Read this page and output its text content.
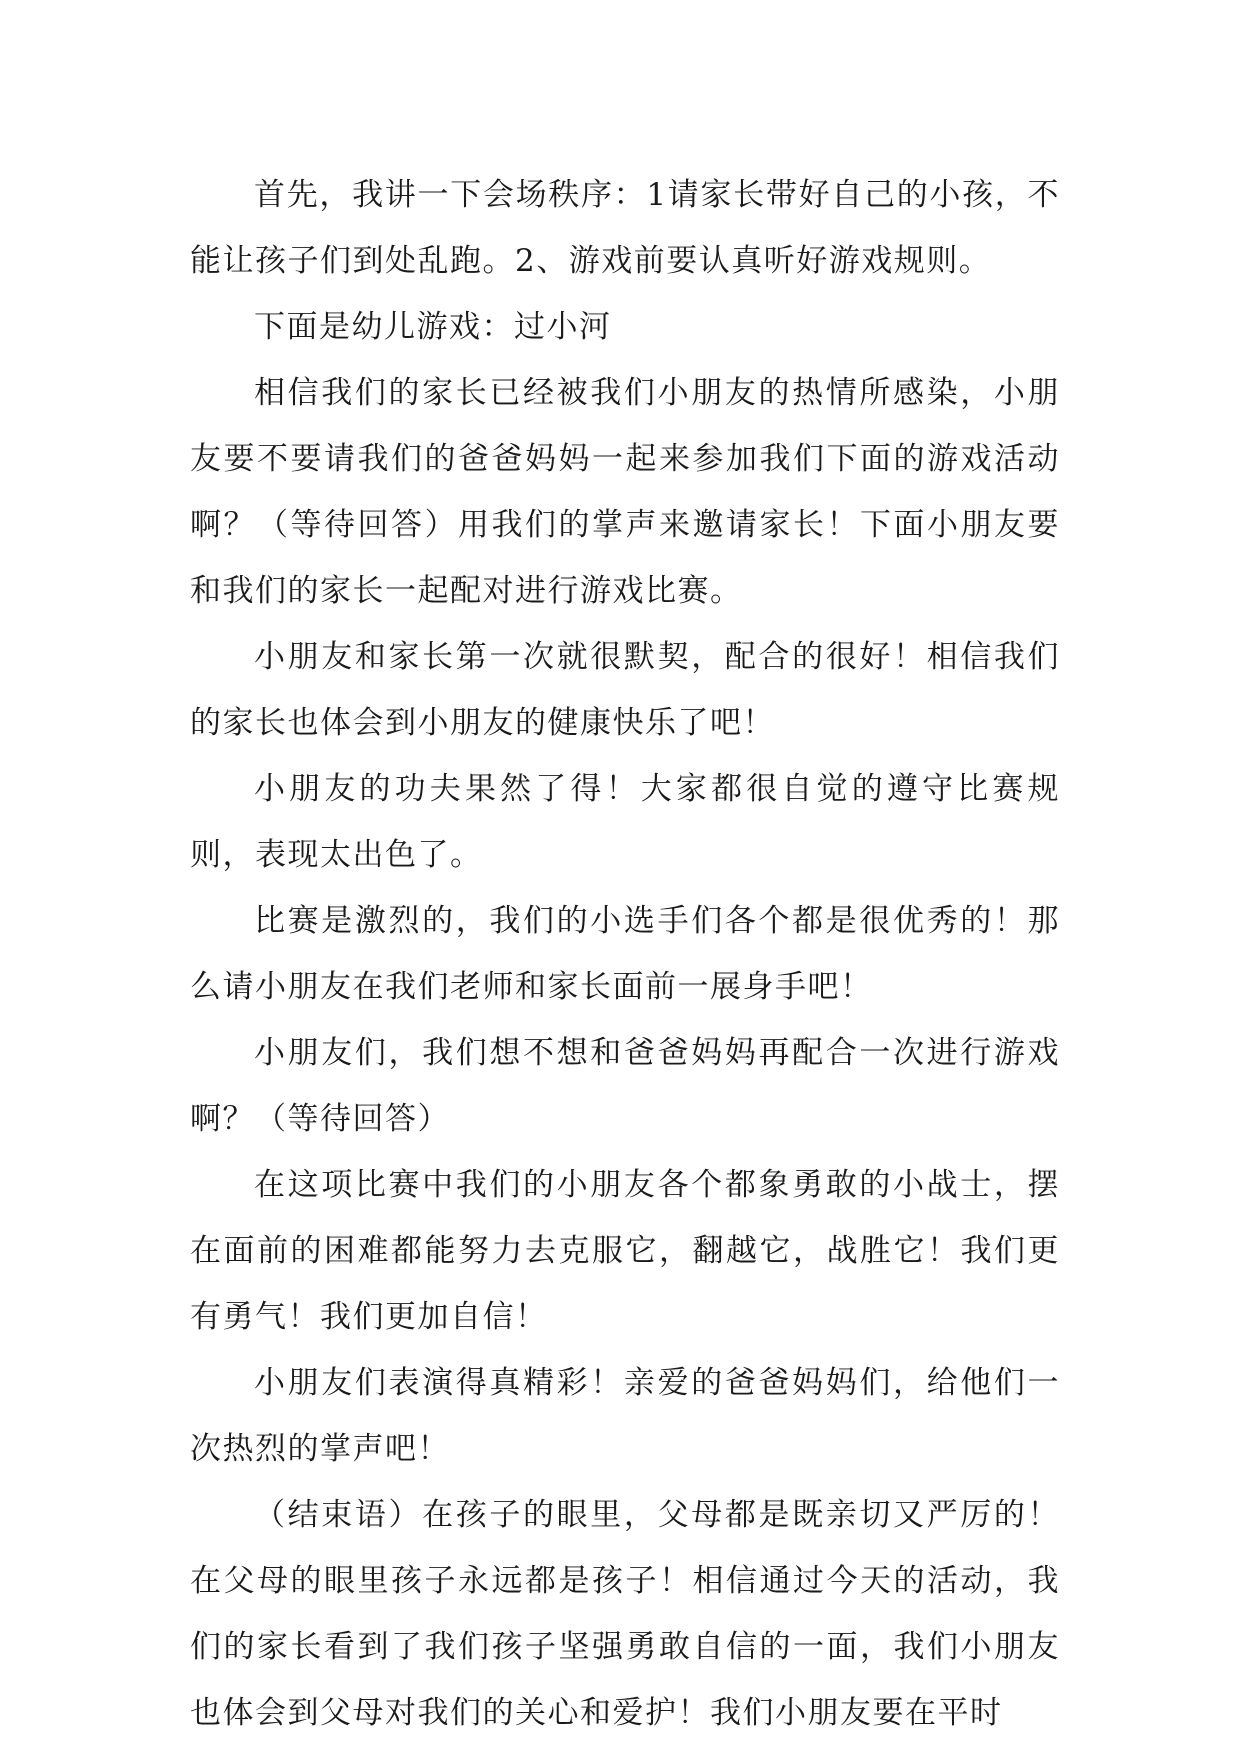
首先，我讲一下会场秩序：1请家长带好自己的小孩，不能让孩子们到处乱跑。2、游戏前要认真听好游戏规则。

下面是幼儿游戏：过小河

相信我们的家长已经被我们小朋友的热情所感染，小朋友要不要请我们的爸爸妈妈一起来参加我们下面的游戏活动啊？（等待回答）用我们的掌声来邀请家长！下面小朋友要和我们的家长一起配对进行游戏比赛。

小朋友和家长第一次就很默契，配合的很好！相信我们的家长也体会到小朋友的健康快乐了吧！

小朋友的功夫果然了得！大家都很自觉的遵守比赛规则，表现太出色了。

比赛是激烈的，我们的小选手们各个都是很优秀的！那么请小朋友在我们老师和家长面前一展身手吧！

小朋友们，我们想不想和爸爸妈妈再配合一次进行游戏啊？（等待回答）

在这项比赛中我们的小朋友各个都象勇敢的小战士，摆在面前的困难都能努力去克服它，翻越它，战胜它！我们更有勇气！我们更加自信！

小朋友们表演得真精彩！亲爱的爸爸妈妈们，给他们一次热烈的掌声吧！

（结束语）在孩子的眼里，父母都是既亲切又严厉的！在父母的眼里孩子永远都是孩子！相信通过今天的活动，我们的家长看到了我们孩子坚强勇敢自信的一面，我们小朋友也体会到父母对我们的关心和爱护！我们小朋友要在平时
